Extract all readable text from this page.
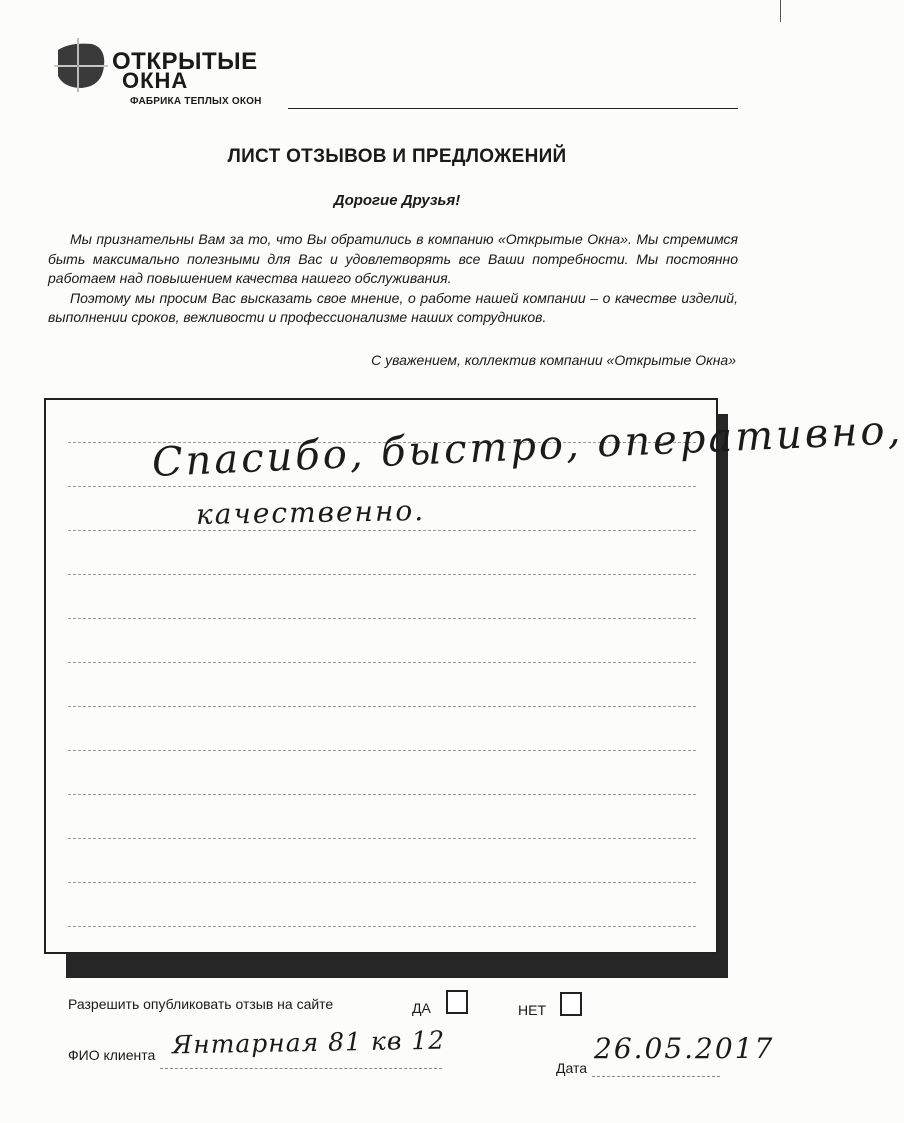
ОТКРЫТЫЕ
ОКНА
ФАБРИКА ТЕПЛЫХ ОКОН
ЛИСТ ОТЗЫВОВ И ПРЕДЛОЖЕНИЙ
Дорогие Друзья!

Мы признательны Вам за то, что Вы обратились в компанию «Открытые Окна». Мы стремимся быть максимально полезными для Вас и удовлетворять все Ваши потребности. Мы постоянно работаем над повышением качества нашего обслуживания.

Поэтому мы просим Вас высказать свое мнение, о работе нашей компании – о качестве изделий, выполнении сроков, вежливости и профессионализме наших сотрудников.

С уважением, коллектив компании «Открытые Окна»
Спасибо, быстро, оперативно,
качественно.
Разрешить опубликовать отзыв на сайте	ДА	НЕТ
ФИО клиента Янтарная 81 кв 12
Дата
26.05.2017
